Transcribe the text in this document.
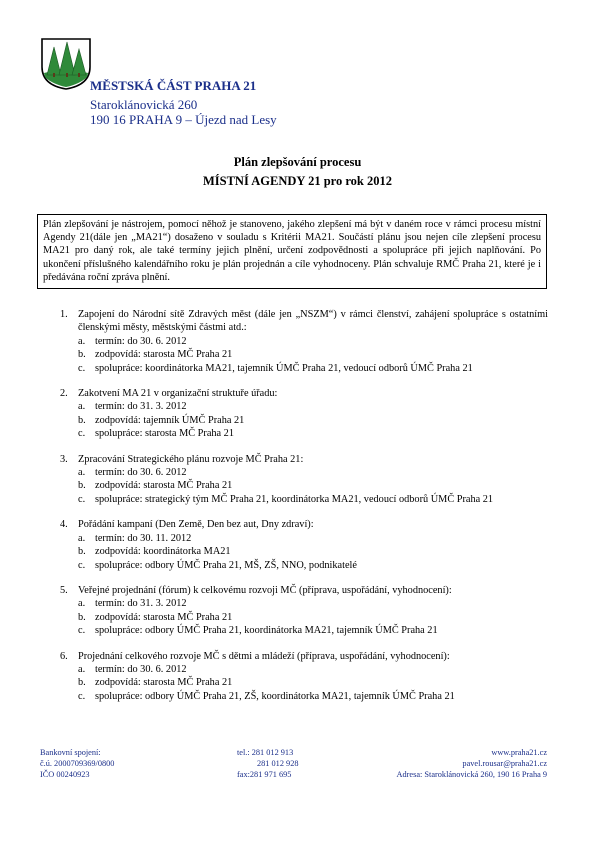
MĚSTSKÁ ČÁST PRAHA 21
Staroklánovická 260
190 16 PRAHA 9 – Újezd nad Lesy
Plán zlepšování procesu
MÍSTNÍ AGENDY 21 pro rok 2012
Plán zlepšování je nástrojem, pomocí něhož je stanoveno, jakého zlepšení má být v daném roce v rámci procesu místní Agendy 21(dále jen „MA21“) dosaženo v souladu s Kritérii MA21. Součástí plánu jsou nejen cíle zlepšení procesu MA21 pro daný rok, ale také termíny jejich plnění, určení zodpovědnosti a spolupráce při jejich naplňování. Po ukončení příslušného kalendářního roku je plán projednán a cíle vyhodnoceny. Plán schvaluje RMČ Praha 21, které je i předávána roční zpráva plnění.
1. Zapojení do Národní sítě Zdravých měst (dále jen „NSZM“) v rámci členství, zahájení spolupráce s ostatními členskými městy, městskými částmi atd.:
a. termín: do 30. 6. 2012
b. zodpovídá: starosta MČ Praha 21
c. spolupráce: koordinátorka MA21, tajemník ÚMČ Praha 21, vedoucí odborů ÚMČ Praha 21
2. Zakotvení MA 21 v organizační struktuře úřadu:
a. termín: do 31. 3. 2012
b. zodpovídá: tajemník ÚMČ Praha 21
c. spolupráce: starosta MČ Praha 21
3. Zpracování Strategického plánu rozvoje MČ Praha 21:
a. termín: do 30. 6. 2012
b. zodpovídá: starosta MČ Praha 21
c. spolupráce: strategický tým MČ Praha 21, koordinátorka MA21, vedoucí odborů ÚMČ Praha 21
4. Pořádání kampaní (Den Země, Den bez aut, Dny zdraví):
a. termín: do 30. 11. 2012
b. zodpovídá: koordinátorka MA21
c. spolupráce: odbory ÚMČ Praha 21, MŠ, ZŠ, NNO, podnikatelé
5. Veřejné projednání (fórum) k celkovému rozvoji MČ (příprava, uspořádání, vyhodnocení):
a. termín: do 31. 3. 2012
b. zodpovídá: starosta MČ Praha 21
c. spolupráce: odbory ÚMČ Praha 21, koordinátorka MA21, tajemník ÚMČ Praha 21
6. Projednání celkového rozvoje MČ s dětmi a mládeží (příprava, uspořádání, vyhodnocení):
a. termín: do 30. 6. 2012
b. zodpovídá: starosta MČ Praha 21
c. spolupráce: odbory ÚMČ Praha 21, ZŠ, koordinátorka MA21, tajemník ÚMČ Praha 21
Bankovní spojení:
č.ú. 2000709369/0800
IČO 00240923
tel.: 281 012 913
281 012 928
fax:281 971 695
www.praha21.cz
pavel.rousar@praha21.cz
Adresa: Staroklánovická 260, 190 16 Praha 9
